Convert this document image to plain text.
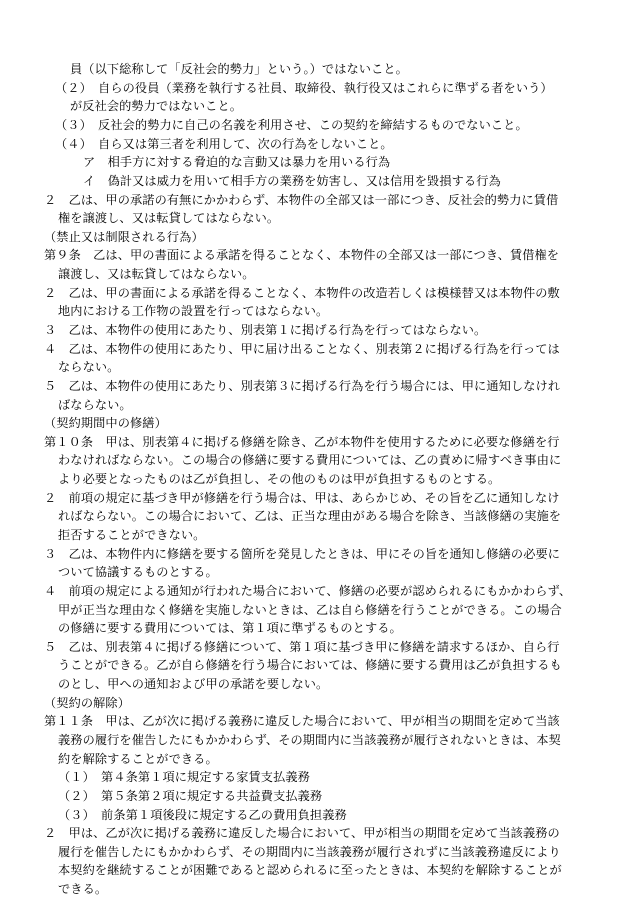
員（以下総称して「反社会的勢力」という。）ではないこと。
（２）　自らの役員（業務を執行する社員、取締役、執行役又はこれらに準ずる者をいう）
が反社会的勢力ではないこと。
（３）　反社会的勢力に自己の名義を利用させ、この契約を締結するものでないこと。
（４）　自ら又は第三者を利用して、次の行為をしないこと。
ア　相手方に対する脅迫的な言動又は暴力を用いる行為
イ　偽計又は威力を用いて相手方の業務を妨害し、又は信用を毀損する行為
２　乙は、甲の承諾の有無にかかわらず、本物件の全部又は一部につき、反社会的勢力に賃借
権を譲渡し、又は転貸してはならない。
（禁止又は制限される行為）
第９条　乙は、甲の書面による承諾を得ることなく、本物件の全部又は一部につき、賃借権を
譲渡し、又は転貸してはならない。
２　乙は、甲の書面による承諾を得ることなく、本物件の改造若しくは模様替又は本物件の敷
地内における工作物の設置を行ってはならない。
３　乙は、本物件の使用にあたり、別表第１に掲げる行為を行ってはならない。
４　乙は、本物件の使用にあたり、甲に届け出ることなく、別表第２に掲げる行為を行っては
ならない。
５　乙は、本物件の使用にあたり、別表第３に掲げる行為を行う場合には、甲に通知しなけれ
ばならない。
（契約期間中の修繕）
第１０条　甲は、別表第４に掲げる修繕を除き、乙が本物件を使用するために必要な修繕を行
わなければならない。この場合の修繕に要する費用については、乙の責めに帰すべき事由に
より必要となったものは乙が負担し、その他のものは甲が負担するものとする。
２　前項の規定に基づき甲が修繕を行う場合は、甲は、あらかじめ、その旨を乙に通知しなけ
ればならない。この場合において、乙は、正当な理由がある場合を除き、当該修繕の実施を
拒否することができない。
３　乙は、本物件内に修繕を要する箇所を発見したときは、甲にその旨を通知し修繕の必要に
ついて協議するものとする。
４　前項の規定による通知が行われた場合において、修繕の必要が認められるにもかかわらず、
甲が正当な理由なく修繕を実施しないときは、乙は自ら修繕を行うことができる。この場合
の修繕に要する費用については、第１項に準ずるものとする。
５　乙は、別表第４に掲げる修繕について、第１項に基づき甲に修繕を請求するほか、自ら行
うことができる。乙が自ら修繕を行う場合においては、修繕に要する費用は乙が負担するも
のとし、甲への通知および甲の承諾を要しない。
（契約の解除）
第１１条　甲は、乙が次に掲げる義務に違反した場合において、甲が相当の期間を定めて当該
義務の履行を催告したにもかかわらず、その期間内に当該義務が履行されないときは、本契
約を解除することができる。
（１）　第４条第１項に規定する家賃支払義務
（２）　第５条第２項に規定する共益費支払義務
（３）　前条第１項後段に規定する乙の費用負担義務
２　甲は、乙が次に掲げる義務に違反した場合において、甲が相当の期間を定めて当該義務の
履行を催告したにもかかわらず、その期間内に当該義務が履行されずに当該義務違反により
本契約を継続することが困難であると認められるに至ったときは、本契約を解除することが
できる。
